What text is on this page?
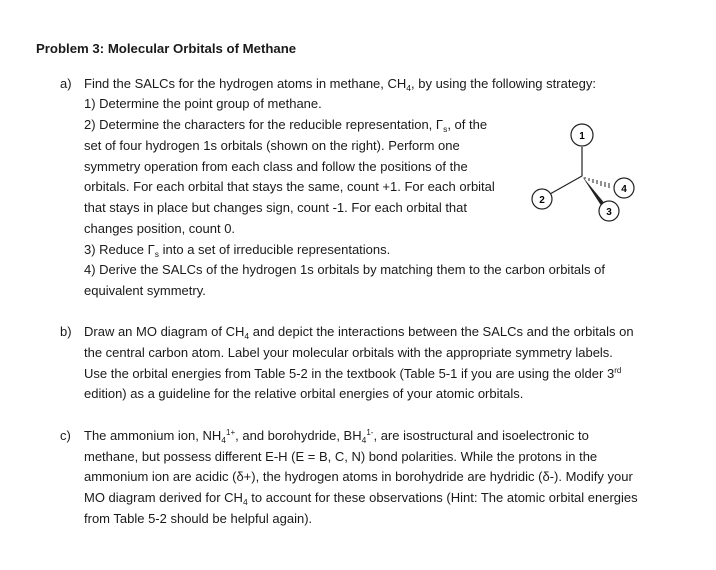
Problem 3: Molecular Orbitals of Methane
a) Find the SALCs for the hydrogen atoms in methane, $CH_4$, by using the following strategy:
1) Determine the point group of methane.
2) Determine the characters for the reducible representation, $\Gamma_s$, of the
set of four hydrogen 1s orbitals (shown on the right). Perform one
symmetry operation from each class and follow the positions of the
orbitals. For each orbital that stays the same, count +1. For each orbital
that stays in place but changes sign, count -1. For each orbital that
changes position, count 0.
3) Reduce $\Gamma_s$ into a set of irreducible representations.
4) Derive the SALCs of the hydrogen 1s orbitals by matching them to the carbon orbitals of
equivalent symmetry.
1
2
3
4
b) Draw an MO diagram of $CH_4$ and depict the interactions between the SALCs and the orbitals on
the central carbon atom. Label your molecular orbitals with the appropriate symmetry labels.
Use the orbital energies from Table 5-2 in the textbook (Table 5-1 if you are using the older 3rd
edition) as a guideline for the relative orbital energies of your atomic orbitals.
c) The ammonium ion, $NH_4^{1+}$, and borohydride, $BH_4^{1-}$, are isostructural and isoelectronic to
methane, but possess different E-H (E = B, C, N) bond polarities. While the protons in the
ammonium ion are acidic (δ+), the hydrogen atoms in borohydride are hydridic (δ-). Modify your
MO diagram derived for $CH_4$ to account for these observations (Hint: The atomic orbital energies
from Table 5-2 should be helpful again).
